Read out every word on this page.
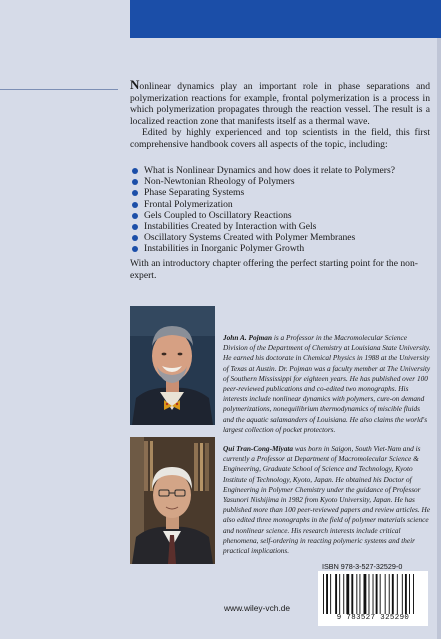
Nonlinear dynamics play an important role in phase separations and polymerization reactions for example, frontal polymerization is a process in which polymerization propagates through the reaction vessel. The result is a localized reaction zone that manifests itself as a thermal wave.

Edited by highly experienced and top scientists in the field, this first comprehensive handbook covers all aspects of the topic, including:

What is Nonlinear Dynamics and how does it relate to Polymers?
Non-Newtonian Rheology of Polymers
Phase Separating Systems
Frontal Polymerization
Gels Coupled to Oscillatory Reactions
Instabilities Created by Interaction with Gels
Oscillatory Systems Created with Polymer Membranes
Instabilities in Inorganic Polymer Growth

With an introductory chapter offering the perfect starting point for the non-expert.

John A. Pojman is a Professor in the Macromolecular Science Division of the Department of Chemistry at Louisiana State University. He earned his doctorate in Chemical Physics in 1988 at the University of Texas at Austin. Dr. Pojman was a faculty member at The University of Southern Mississippi for eighteen years. He has published over 100 peer-reviewed publications and co-edited two monographs. His interests include nonlinear dynamics with polymers, cure-on demand polymerizations, nonequilibrium thermodynamics of miscible fluids and the aquatic salamanders of Louisiana. He also claims the world's largest collection of pocket protectors.

Qui Tran-Cong-Miyata was born in Saigon, South Viet-Nam and is currently a Professor at Department of Macromolecular Science & Engineering, Graduate School of Science and Technology, Kyoto Institute of Technology, Kyoto, Japan. He obtained his Doctor of Engineering in Polymer Chemistry under the guidance of Professor Yasunori Nishijima in 1982 from Kyoto University, Japan. He has published more than 100 peer-reviewed papers and review articles. He also edited three monographs in the field of polymer materials science and nonlinear science. His research interests include critical phenomena, self-ordering in reacting polymeric systems and their practical implications.

ISBN 978-3-527-32529-0
9 783527 325290
www.wiley-vch.de
